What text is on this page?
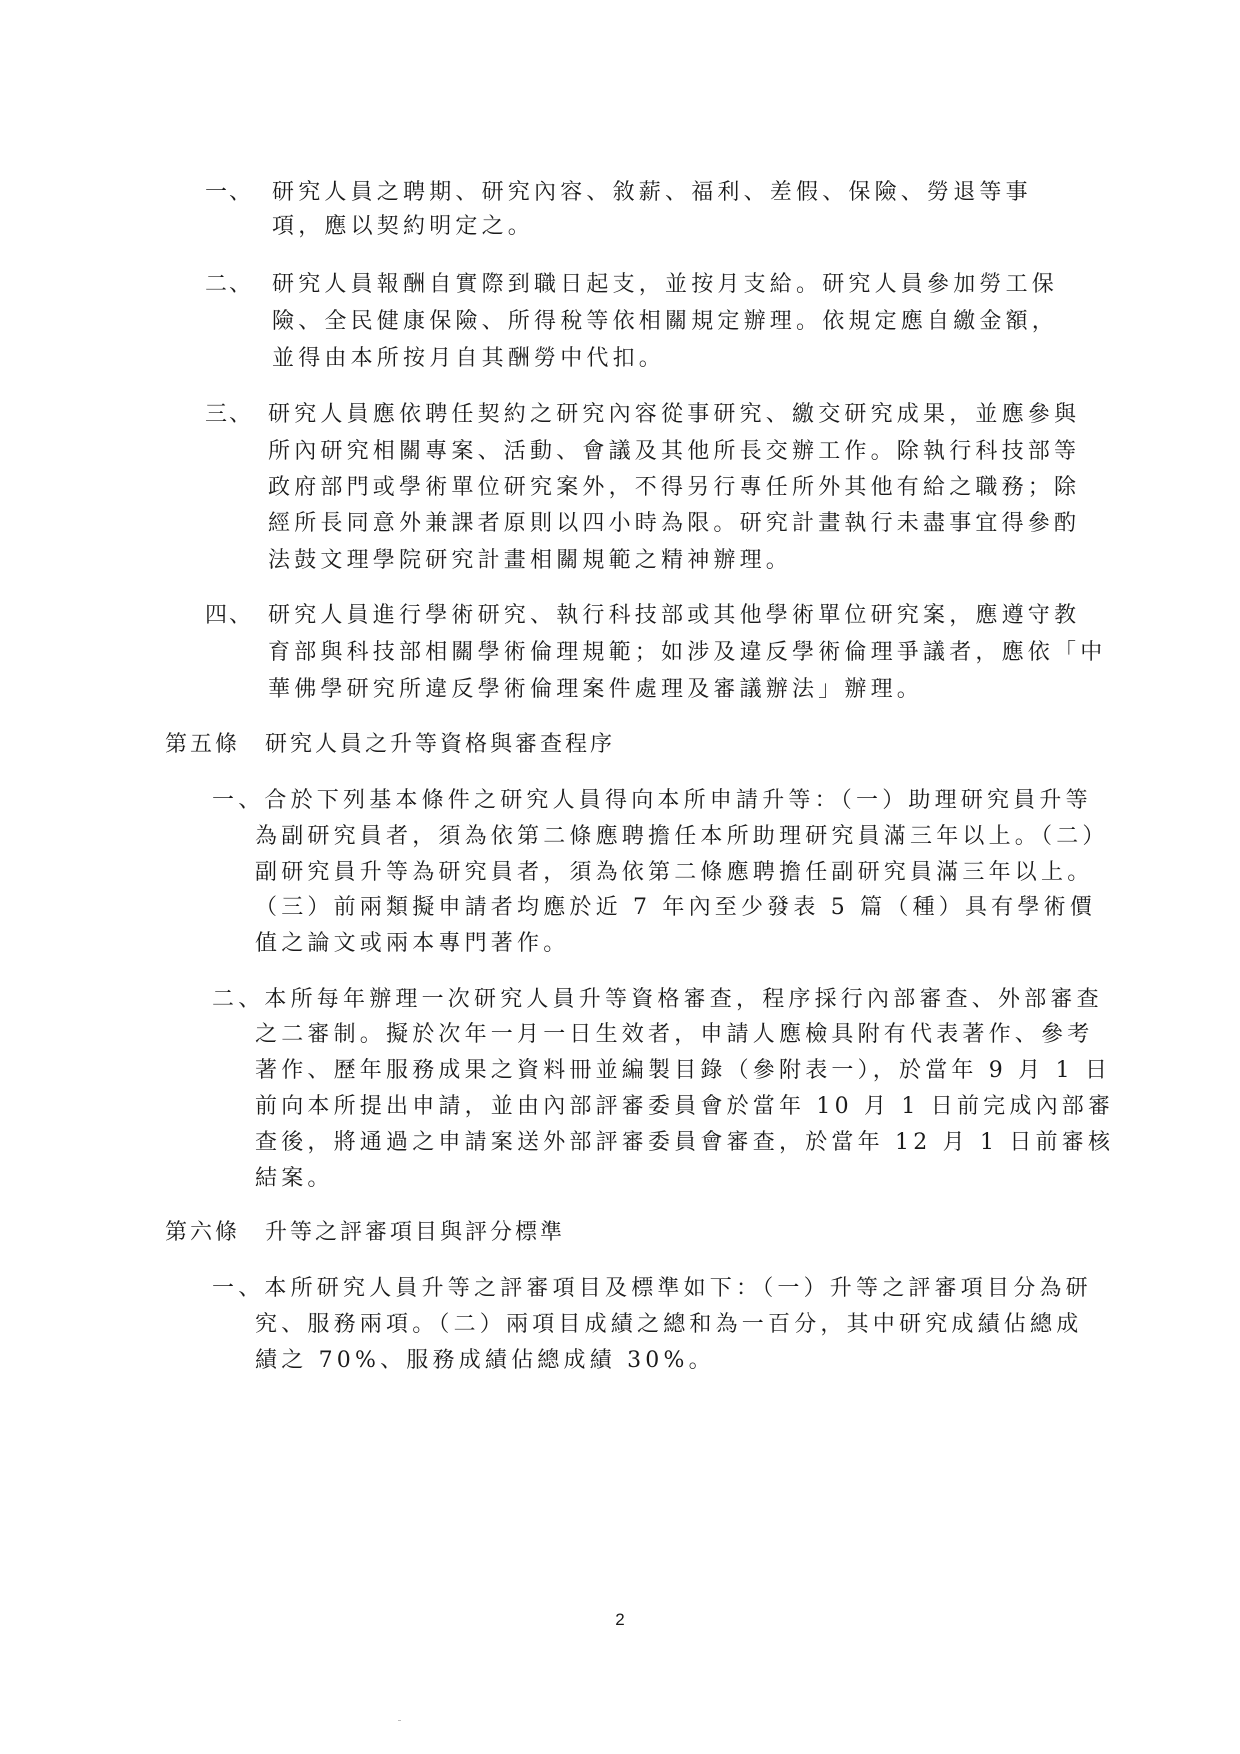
一、 研究人員之聘期、研究內容、敘薪、福利、差假、保險、勞退等事
項，應以契約明定之。
二、 研究人員報酬自實際到職日起支，並按月支給。研究人員參加勞工保
險、全民健康保險、所得稅等依相關規定辦理。依規定應自繳金額，
並得由本所按月自其酬勞中代扣。
三、 研究人員應依聘任契約之研究內容從事研究、繳交研究成果，並應參與
所內研究相關專案、活動、會議及其他所長交辦工作。除執行科技部等
政府部門或學術單位研究案外，不得另行專任所外其他有給之職務；除
經所長同意外兼課者原則以四小時為限。研究計畫執行未盡事宜得參酌
法鼓文理學院研究計畫相關規範之精神辦理。
四、 研究人員進行學術研究、執行科技部或其他學術單位研究案，應遵守教
育部與科技部相關學術倫理規範；如涉及違反學術倫理爭議者，應依「中
華佛學研究所違反學術倫理案件處理及審議辦法」辦理。
第五條　研究人員之升等資格與審查程序
一、合於下列基本條件之研究人員得向本所申請升等：（一）助理研究員升等
為副研究員者，須為依第二條應聘擔任本所助理研究員滿三年以上。（二）
副研究員升等為研究員者，須為依第二條應聘擔任副研究員滿三年以上。
（三）前兩類擬申請者均應於近 7 年內至少發表 5 篇（種）具有學術價
值之論文或兩本專門著作。
二、本所每年辦理一次研究人員升等資格審查，程序採行內部審查、外部審查
之二審制。擬於次年一月一日生效者，申請人應檢具附有代表著作、參考
著作、歷年服務成果之資料冊並編製目錄（參附表一），於當年 9 月 1 日
前向本所提出申請，並由內部評審委員會於當年 10 月 1 日前完成內部審
查後，將通過之申請案送外部評審委員會審查，於當年 12 月 1 日前審核
結案。
第六條　升等之評審項目與評分標準
一、本所研究人員升等之評審項目及標準如下：（一）升等之評審項目分為研
究、服務兩項。（二）兩項目成績之總和為一百分，其中研究成績佔總成
績之 70%、服務成績佔總成績 30%。
2
